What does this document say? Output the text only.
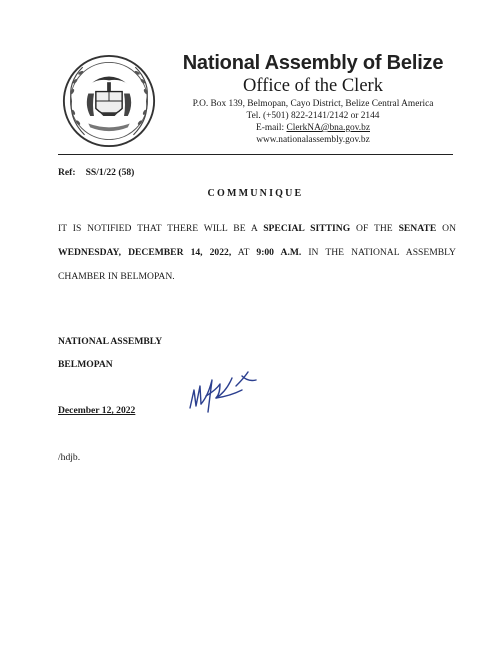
National Assembly of Belize
Office of the Clerk
P.O. Box 139, Belmopan, Cayo District, Belize Central America
Tel. (+501) 822-2141/2142 or 2144
E-mail: ClerkNA@bna.gov.bz
www.nationalassembly.gov.bz
Ref: SS/1/22 (58)
COMMUNIQUE
IT IS NOTIFIED THAT THERE WILL BE A SPECIAL SITTING OF THE SENATE ON
WEDNESDAY, DECEMBER 14, 2022, AT 9:00 A.M. IN THE NATIONAL ASSEMBLY
CHAMBER IN BELMOPAN.
NATIONAL ASSEMBLY
BELMOPAN
December 12, 2022
/hdjb.
